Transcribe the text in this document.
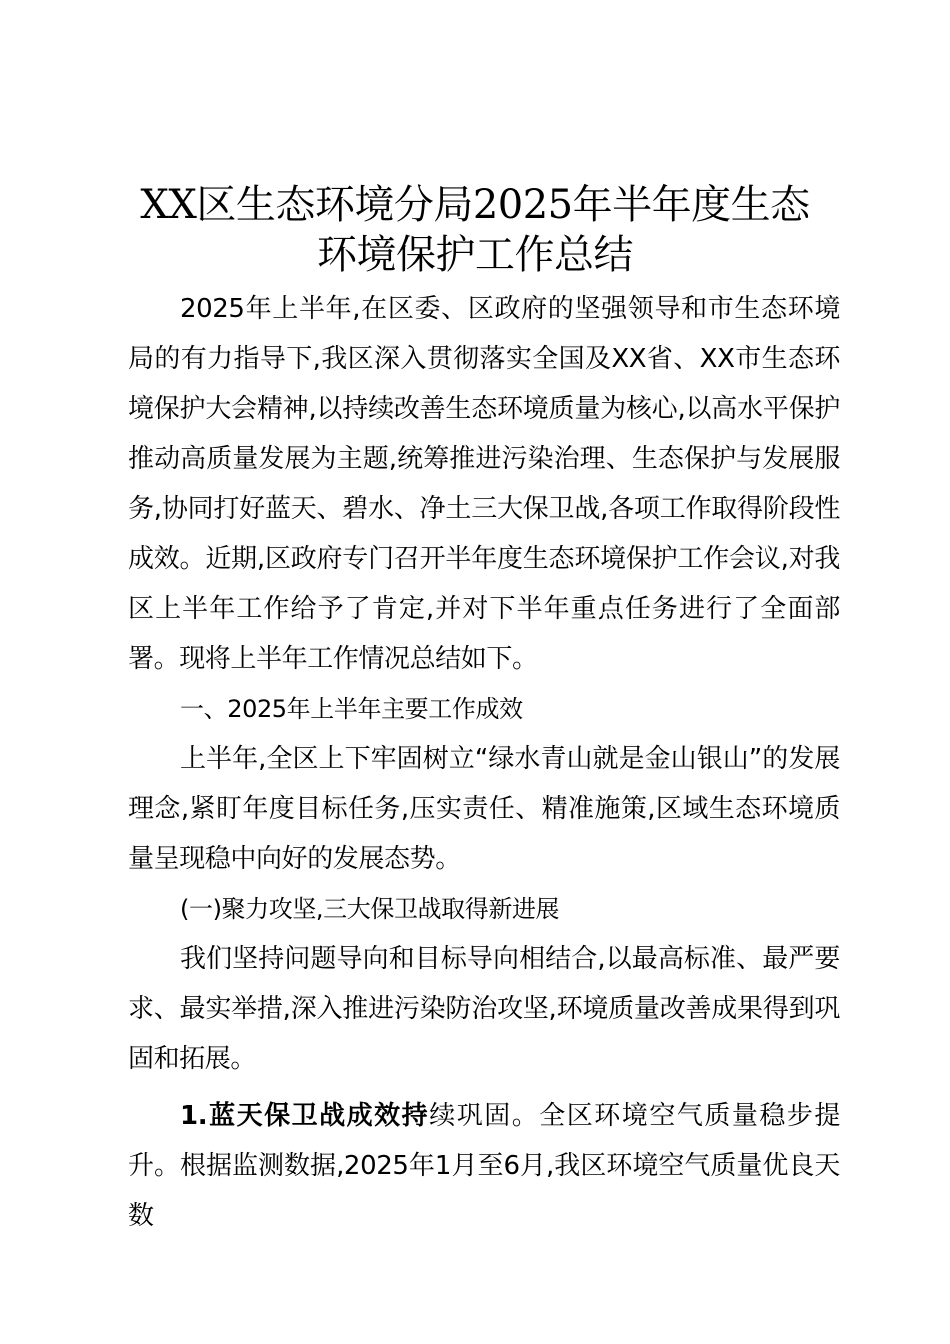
XX区生态环境分局2025年半年度生态
环境保护工作总结

2025年上半年,在区委、区政府的坚强领导和市生态环境局的有力指导下,我区深入贯彻落实全国及XX省、XX市生态环境保护大会精神,以持续改善生态环境质量为核心,以高水平保护推动高质量发展为主题,统筹推进污染治理、生态保护与发展服务,协同打好蓝天、碧水、净土三大保卫战,各项工作取得阶段性成效。近期,区政府专门召开半年度生态环境保护工作会议,对我区上半年工作给予了肯定,并对下半年重点任务进行了全面部署。现将上半年工作情况总结如下。

一、2025年上半年主要工作成效

上半年,全区上下牢固树立“绿水青山就是金山银山”的发展理念,紧盯年度目标任务,压实责任、精准施策,区域生态环境质量呈现稳中向好的发展态势。

(一)聚力攻坚,三大保卫战取得新进展

我们坚持问题导向和目标导向相结合,以最高标准、最严要求、最实举措,深入推进污染防治攻坚,环境质量改善成果得到巩固和拓展。

1.蓝天保卫战成效持续巩固。全区环境空气质量稳步提升。根据监测数据,2025年1月至6月,我区环境空气质量优良天数
